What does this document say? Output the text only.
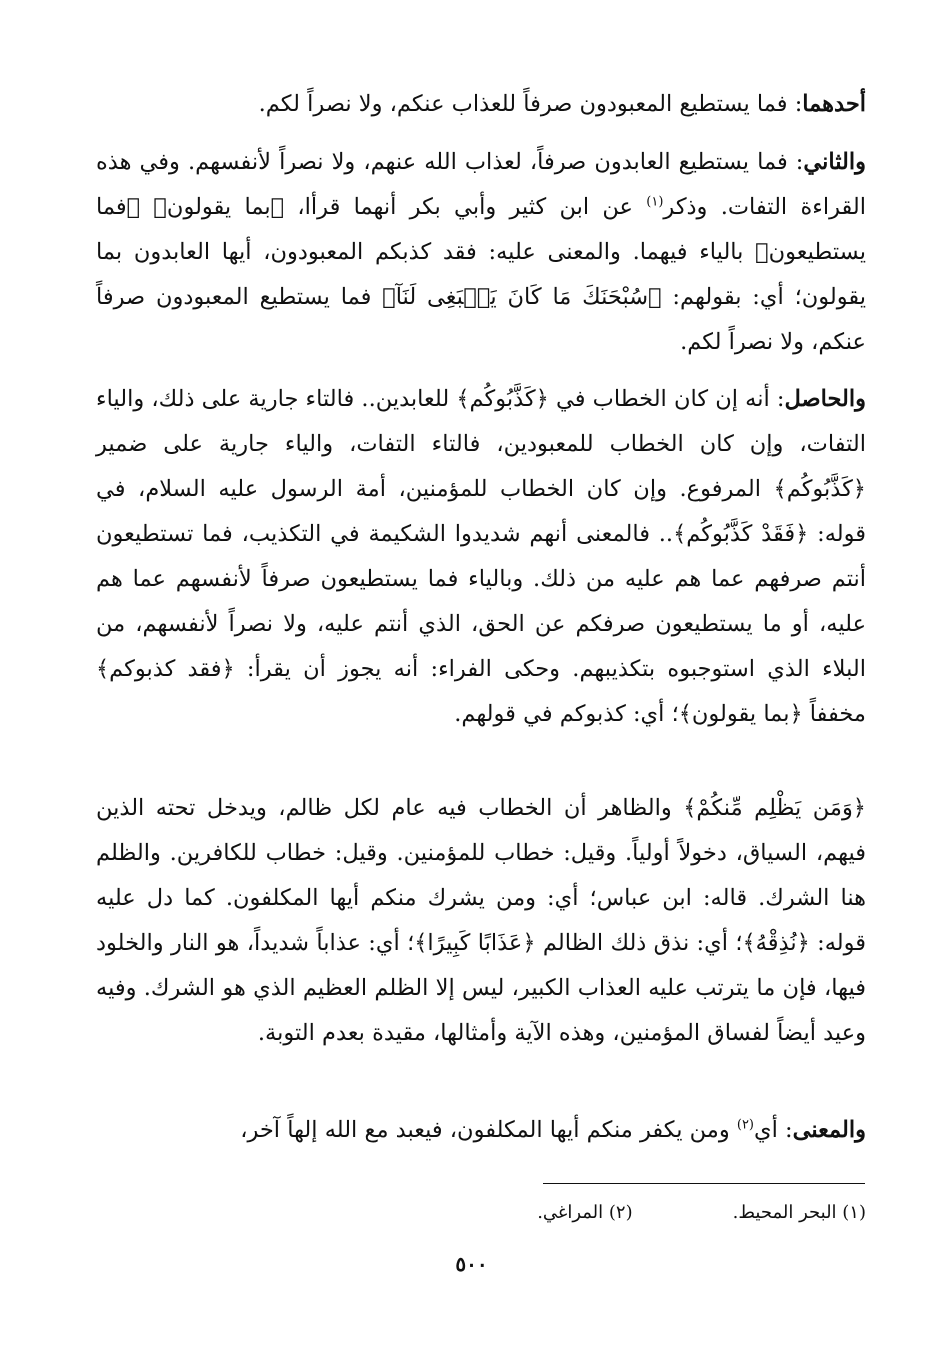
أحدهما: فما يستطيع المعبودون صرفاً للعذاب عنكم، ولا نصراً لكم.

والثاني: فما يستطيع العابدون صرفاً، لعذاب الله عنهم، ولا نصراً لأنفسهم. وفي هذه القراءة التفات. وذكر$^{(١)}$ عن ابن كثير وأبي بكر أنهما قرأا، ﴿بما يقولون﴾ ﴿فما يستطيعون﴾ بالياء فيهما. والمعنى عليه: فقد كذبكم المعبودون، أيها العابدون بما يقولون؛ أي: بقولهم: ﴿سُبْحَنَكَ مَا كَانَ يَنۢبَغِى لَنَآ﴾ فما يستطيع المعبودون صرفاً عنكم، ولا نصراً لكم.

والحاصل: أنه إن كان الخطاب في ﴿كَذَّبُوكُم﴾ للعابدين.. فالتاء جارية على ذلك، والياء التفات، وإن كان الخطاب للمعبودين، فالتاء التفات، والياء جارية على ضمير ﴿كَذَّبُوكُم﴾ المرفوع. وإن كان الخطاب للمؤمنين، أمة الرسول عليه السلام، في قوله: ﴿فَقَدْ كَذَّبُوكُم﴾.. فالمعنى أنهم شديدوا الشكيمة في التكذيب، فما تستطيعون أنتم صرفهم عما هم عليه من ذلك. وبالياء فما يستطيعون صرفاً لأنفسهم عما هم عليه، أو ما يستطيعون صرفكم عن الحق، الذي أنتم عليه، ولا نصراً لأنفسهم، من البلاء الذي استوجبوه بتكذيبهم. وحكى الفراء: أنه يجوز أن يقرأ: ﴿فقد كذبوكم﴾ مخففاً ﴿بما يقولون﴾؛ أي: كذبوكم في قولهم.

﴿وَمَن يَظْلِم مِّنكُمْ﴾ والظاهر أن الخطاب فيه عام لكل ظالم، ويدخل تحته الذين فيهم، السياق، دخولاً أولياً. وقيل: خطاب للمؤمنين. وقيل: خطاب للكافرين. والظلم هنا الشرك. قاله: ابن عباس؛ أي: ومن يشرك منكم أيها المكلفون. كما دل عليه قوله: ﴿نُذِقْهُ﴾؛ أي: نذق ذلك الظالم ﴿عَذَابًا كَبِيرًا﴾؛ أي: عذاباً شديداً، هو النار والخلود فيها، فإن ما يترتب عليه العذاب الكبير، ليس إلا الظلم العظيم الذي هو الشرك. وفيه وعيد أيضاً لفساق المؤمنين، وهذه الآية وأمثالها، مقيدة بعدم التوبة.

والمعنى: أي$^{(٢)}$ ومن يكفر منكم أيها المكلفون، فيعبد مع الله إلهاً آخر،

(١) البحر المحيط.
(٢) المراغي.
٥٠٠
